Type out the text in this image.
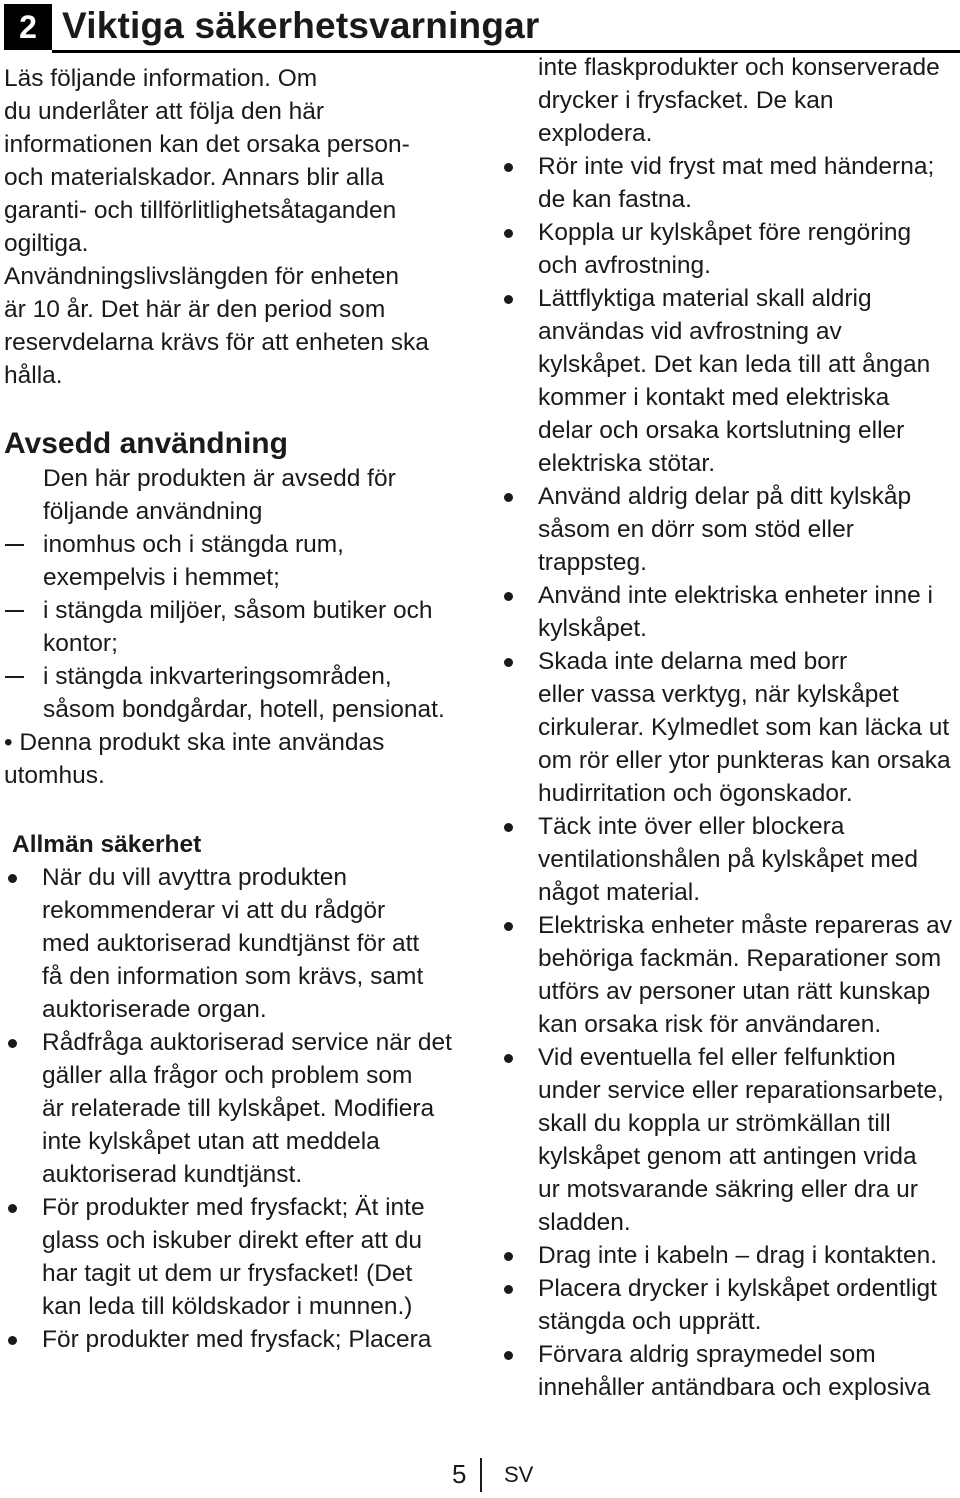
2 Viktiga säkerhetsvarningar

Läs följande information. Om

du underlåter att följa den här

informationen kan det orsaka person-

och materialskador. Annars blir alla

garanti- och tillförlitlighetsåtaganden

ogiltiga.

Användningslivslängden för enheten

är 10 år. Det här är den period som

reservdelarna krävs för att enheten ska

hålla.

Avsedd användning

Den här produkten är avsedd för

följande användning

inomhus och i stängda rum,
exempelvis i hemmet;
i stängda miljöer, såsom butiker och
kontor;
i stängda inkvarteringsområden,
såsom bondgårdar, hotell, pensionat.

• Denna produkt ska inte användas

utomhus.

Allmän säkerhet

När du vill avyttra produkten
rekommenderar vi att du rådgör
med auktoriserad kundtjänst för att
få den information som krävs, samt
auktoriserade organ.
Rådfråga auktoriserad service när det
gäller alla frågor och problem som
är relaterade till kylskåpet. Modifiera
inte kylskåpet utan att meddela
auktoriserad kundtjänst.
För produkter med frysfackt; Ät inte
glass och iskuber direkt efter att du
har tagit ut dem ur frysfacket! (Det
kan leda till köldskador i munnen.)
För produkter med frysfack; Placera

inte flaskprodukter och konserverade

drycker i frysfacket. De kan

explodera.

Rör inte vid fryst mat med händerna;
de kan fastna.
Koppla ur kylskåpet före rengöring
och avfrostning.
Lättflyktiga material skall aldrig
användas vid avfrostning av
kylskåpet. Det kan leda till att ångan
kommer i kontakt med elektriska
delar och orsaka kortslutning eller
elektriska stötar.
Använd aldrig delar på ditt kylskåp
såsom en dörr som stöd eller
trappsteg.
Använd inte elektriska enheter inne i
kylskåpet.
Skada inte delarna med borr
eller vassa verktyg, när kylskåpet
cirkulerar. Kylmedlet som kan läcka ut
om rör eller ytor punkteras kan orsaka
hudirritation och ögonskador.
Täck inte över eller blockera
ventilationshålen på kylskåpet med
något material.
Elektriska enheter måste repareras av
behöriga fackmän. Reparationer som
utförs av personer utan rätt kunskap
kan orsaka risk för användaren.
Vid eventuella fel eller felfunktion
under service eller reparationsarbete,
skall du koppla ur strömkällan till
kylskåpet genom att antingen vrida
ur motsvarande säkring eller dra ur
sladden.
Drag inte i kabeln – drag i kontakten.
Placera drycker i kylskåpet ordentligt
stängda och upprätt.
Förvara aldrig spraymedel som
innehåller antändbara och explosiva
5 SV
